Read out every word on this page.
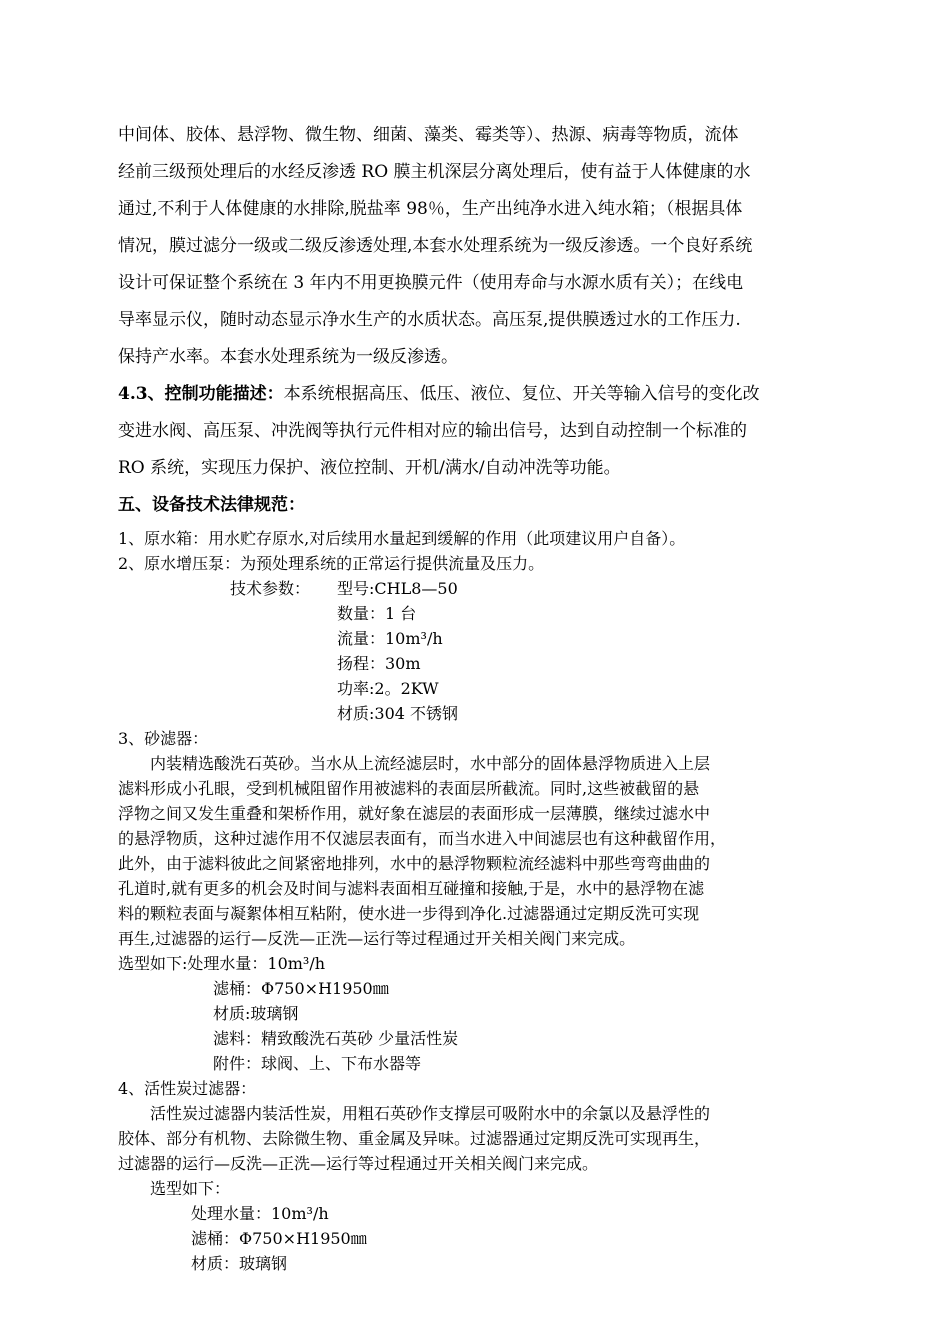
中间体、胶体、悬浮物、微生物、细菌、藻类、霉类等）、热源、病毒等物质，流体
经前三级预处理后的水经反渗透 RO 膜主机深层分离处理后，使有益于人体健康的水
通过,不利于人体健康的水排除,脱盐率 98％，生产出纯净水进入纯水箱；（根据具体
情况，膜过滤分一级或二级反渗透处理,本套水处理系统为一级反渗透。一个良好系统
设计可保证整个系统在 3 年内不用更换膜元件（使用寿命与水源水质有关）；在线电
导率显示仪，随时动态显示净水生产的水质状态。高压泵,提供膜透过水的工作压力.
保持产水率。本套水处理系统为一级反渗透。
4.3、控制功能描述：本系统根据高压、低压、液位、复位、开关等输入信号的变化改
变进水阀、高压泵、冲洗阀等执行元件相对应的输出信号，达到自动控制一个标准的
RO 系统，实现压力保护、液位控制、开机/满水/自动冲洗等功能。
五、设备技术法律规范：
1、原水箱：用水贮存原水,对后续用水量起到缓解的作用（此项建议用户自备）。
2、原水增压泵：为预处理系统的正常运行提供流量及压力。
技术参数： 型号:CHL8—50
数量：1 台
流量：10m³/h
扬程：30m
功率:2。2KW
材质:304 不锈钢
3、砂滤器：
内装精选酸洗石英砂。当水从上流经滤层时，水中部分的固体悬浮物质进入上层
滤料形成小孔眼，受到机械阻留作用被滤料的表面层所截流。同时,这些被截留的悬
浮物之间又发生重叠和架桥作用，就好象在滤层的表面形成一层薄膜，继续过滤水中
的悬浮物质，这种过滤作用不仅滤层表面有，而当水进入中间滤层也有这种截留作用，
此外，由于滤料彼此之间紧密地排列，水中的悬浮物颗粒流经滤料中那些弯弯曲曲的
孔道时,就有更多的机会及时间与滤料表面相互碰撞和接触,于是，水中的悬浮物在滤
料的颗粒表面与凝絮体相互粘附，使水进一步得到净化.过滤器通过定期反洗可实现
再生,过滤器的运行—反洗—正洗—运行等过程通过开关相关阀门来完成。
选型如下:处理水量：10m³/h
滤桶：Φ750×H1950㎜
材质:玻璃钢
滤料：精致酸洗石英砂 少量活性炭
附件：球阀、上、下布水器等
4、活性炭过滤器：
活性炭过滤器内装活性炭，用粗石英砂作支撑层可吸附水中的余氯以及悬浮性的
胶体、部分有机物、去除微生物、重金属及异味。过滤器通过定期反洗可实现再生，
过滤器的运行—反洗—正洗—运行等过程通过开关相关阀门来完成。
选型如下：
处理水量：10m³/h
滤桶：Φ750×H1950㎜
材质：玻璃钢
